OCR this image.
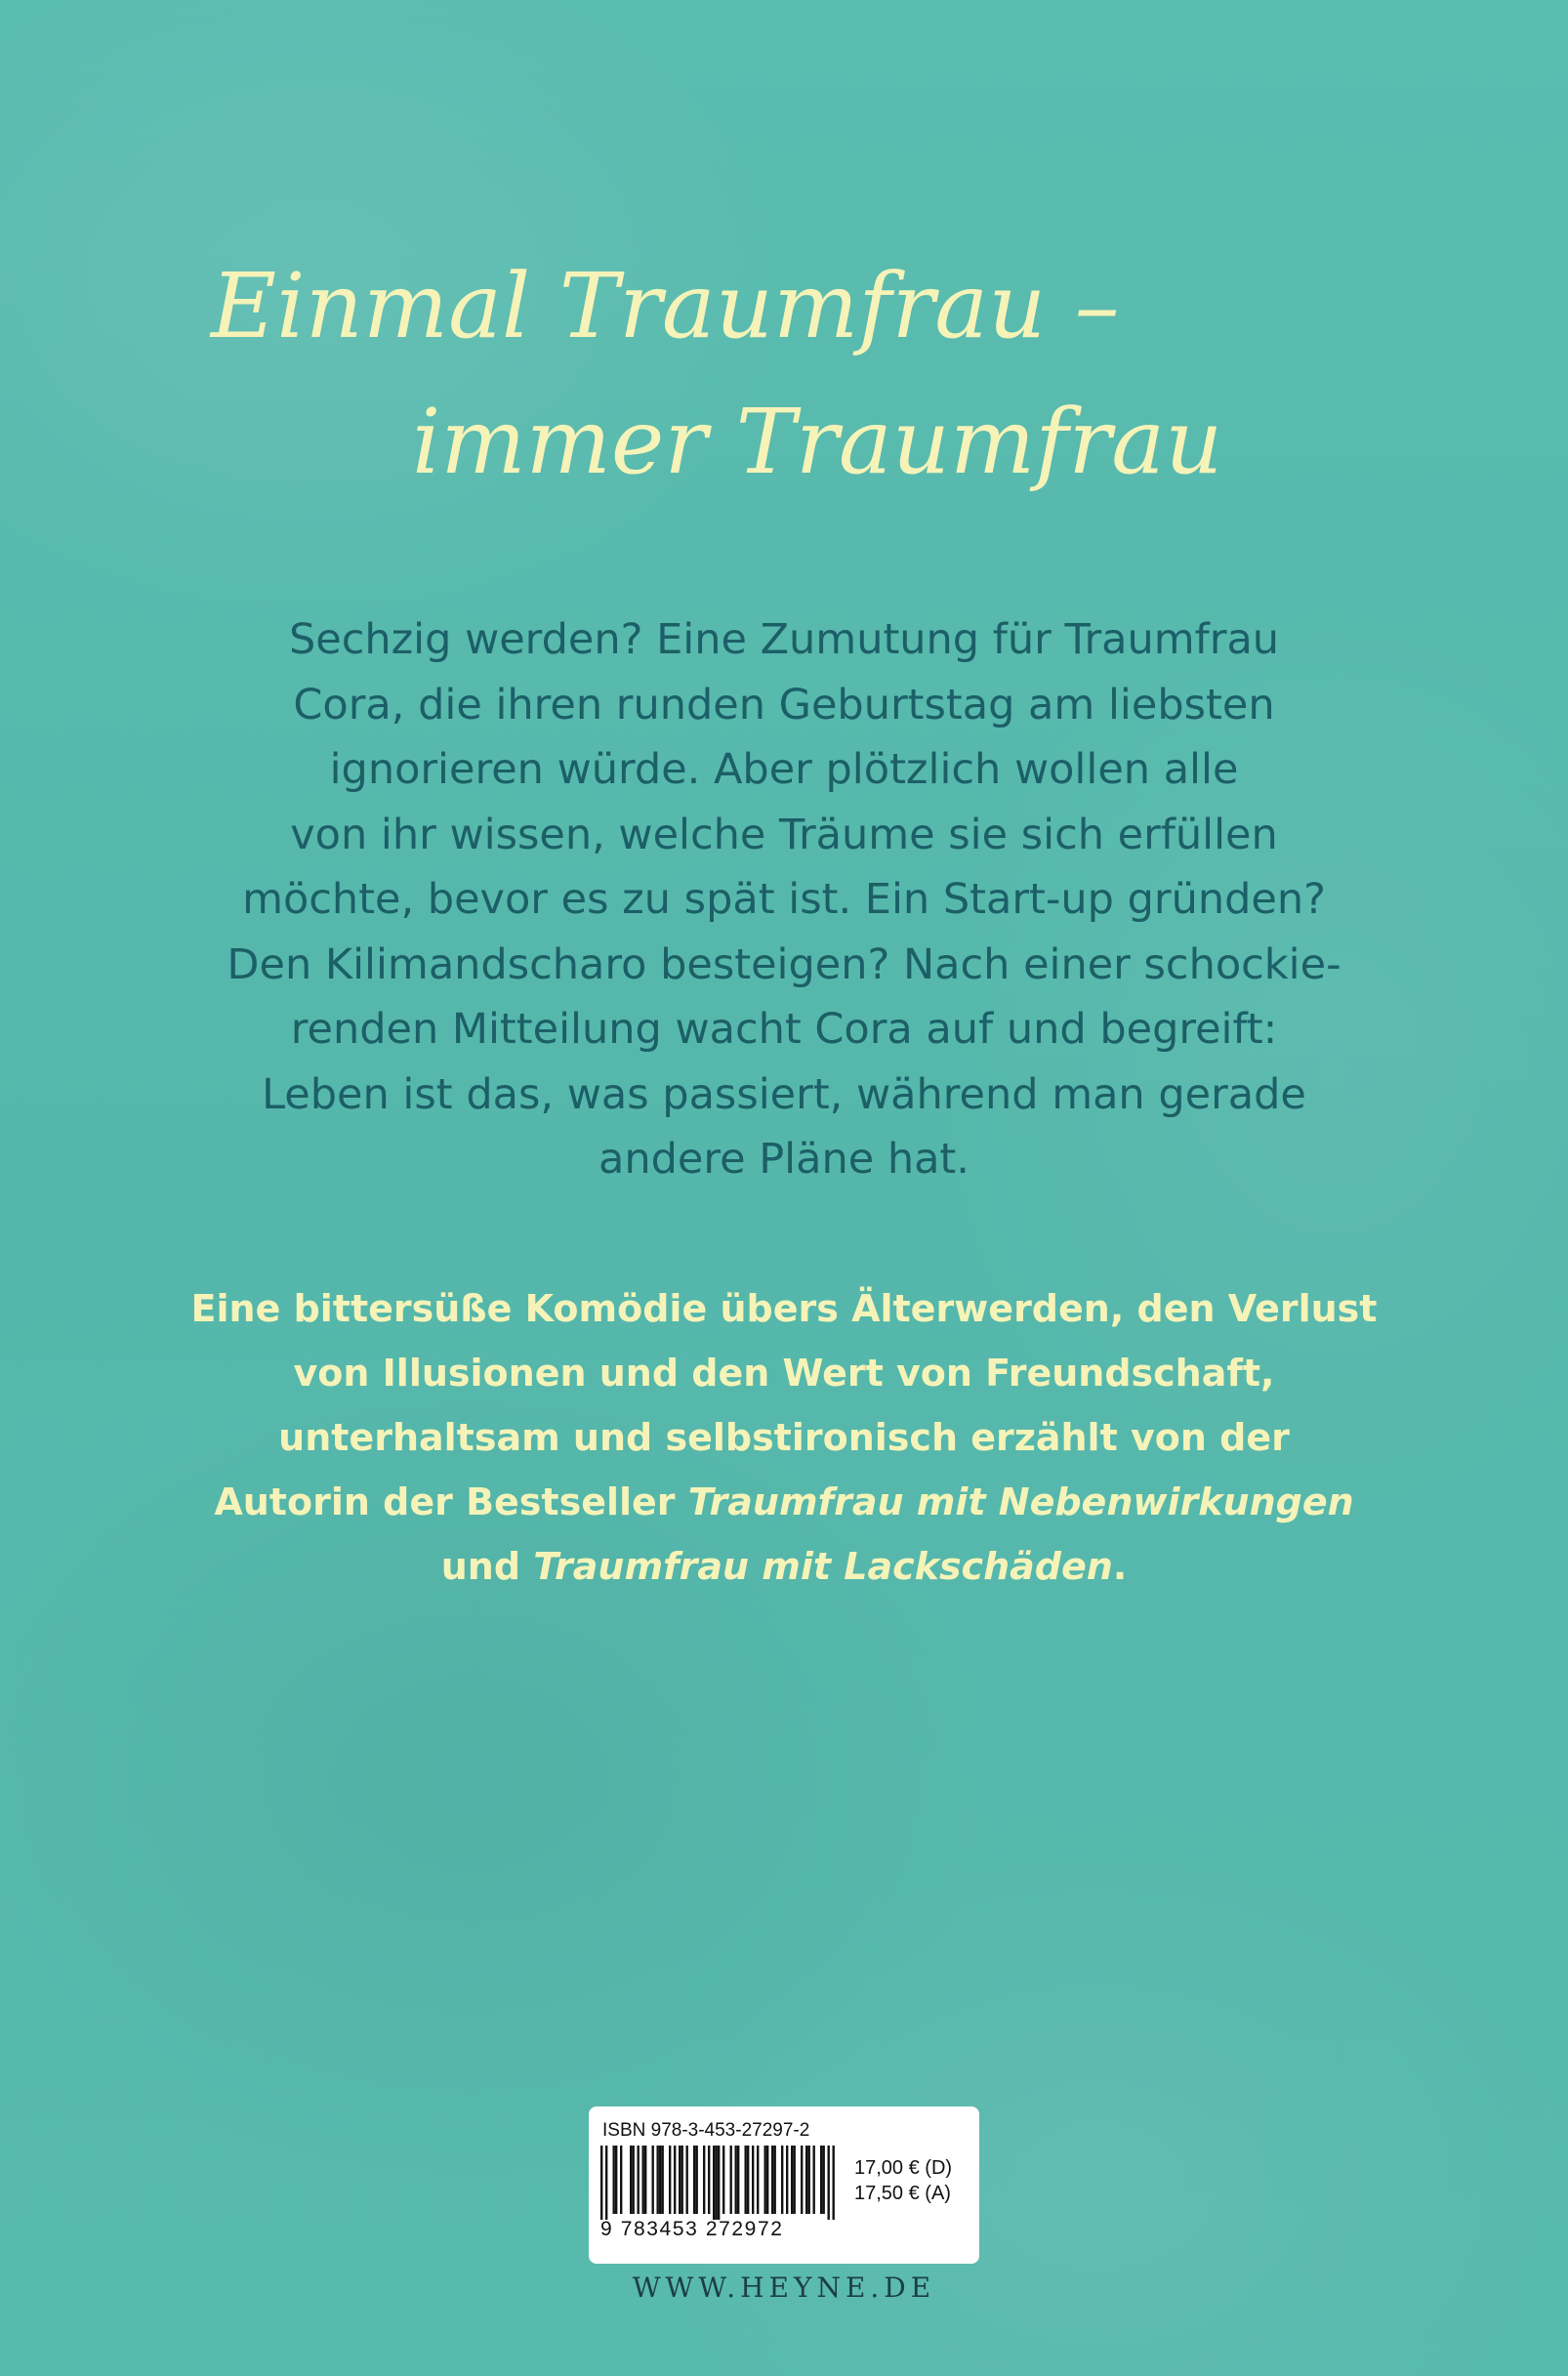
Einmal Traumfrau –
immer Traumfrau

Sechzig werden? Eine Zumutung für Traumfrau
Cora, die ihren runden Geburtstag am liebsten
ignorieren würde. Aber plötzlich wollen alle
von ihr wissen, welche Träume sie sich erfüllen
möchte, bevor es zu spät ist. Ein Start-up gründen?
Den Kilimandscharo besteigen? Nach einer schockie-
renden Mitteilung wacht Cora auf und begreift:
Leben ist das, was passiert, während man gerade
andere Pläne hat.

Eine bittersüße Komödie übers Älterwerden, den Verlust
von Illusionen und den Wert von Freundschaft,
unterhaltsam und selbstironisch erzählt von der
Autorin der Bestseller Traumfrau mit Nebenwirkungen
und Traumfrau mit Lackschäden.

ISBN 978-3-453-27297-2
9 783453 272972
17,00 € (D)
17,50 € (A)
WWW.HEYNE.DE
